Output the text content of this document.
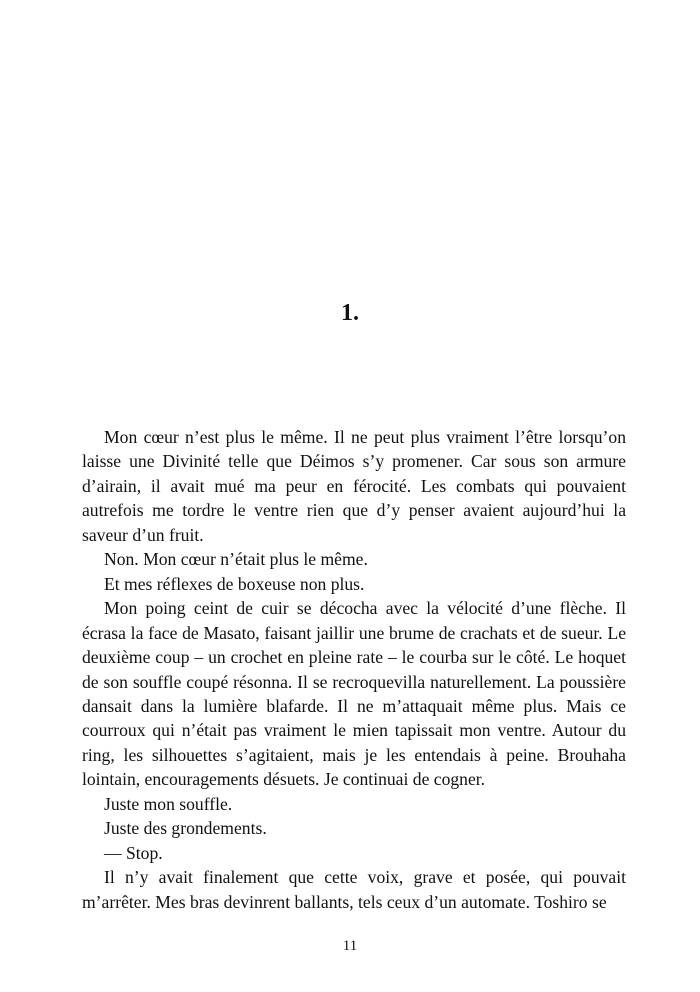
1.

Mon cœur n’est plus le même. Il ne peut plus vraiment l’être lorsqu’on laisse une Divinité telle que Déimos s’y promener. Car sous son armure d’airain, il avait mué ma peur en férocité. Les combats qui pouvaient autrefois me tordre le ventre rien que d’y penser avaient aujourd’hui la saveur d’un fruit.

Non. Mon cœur n’était plus le même.

Et mes réflexes de boxeuse non plus.

Mon poing ceint de cuir se décocha avec la vélocité d’une flèche. Il écrasa la face de Masato, faisant jaillir une brume de crachats et de sueur. Le deuxième coup – un crochet en pleine rate – le courba sur le côté. Le hoquet de son souffle coupé résonna. Il se recroquevilla naturellement. La poussière dansait dans la lumière blafarde. Il ne m’attaquait même plus. Mais ce courroux qui n’était pas vraiment le mien tapissait mon ventre. Autour du ring, les silhouettes s’agitaient, mais je les entendais à peine. Brouhaha lointain, encouragements désuets. Je continuai de cogner.

Juste mon souffle.

Juste des grondements.

— Stop.

Il n’y avait finalement que cette voix, grave et posée, qui pouvait m’arrêter. Mes bras devinrent ballants, tels ceux d’un automate. Toshiro se

11
